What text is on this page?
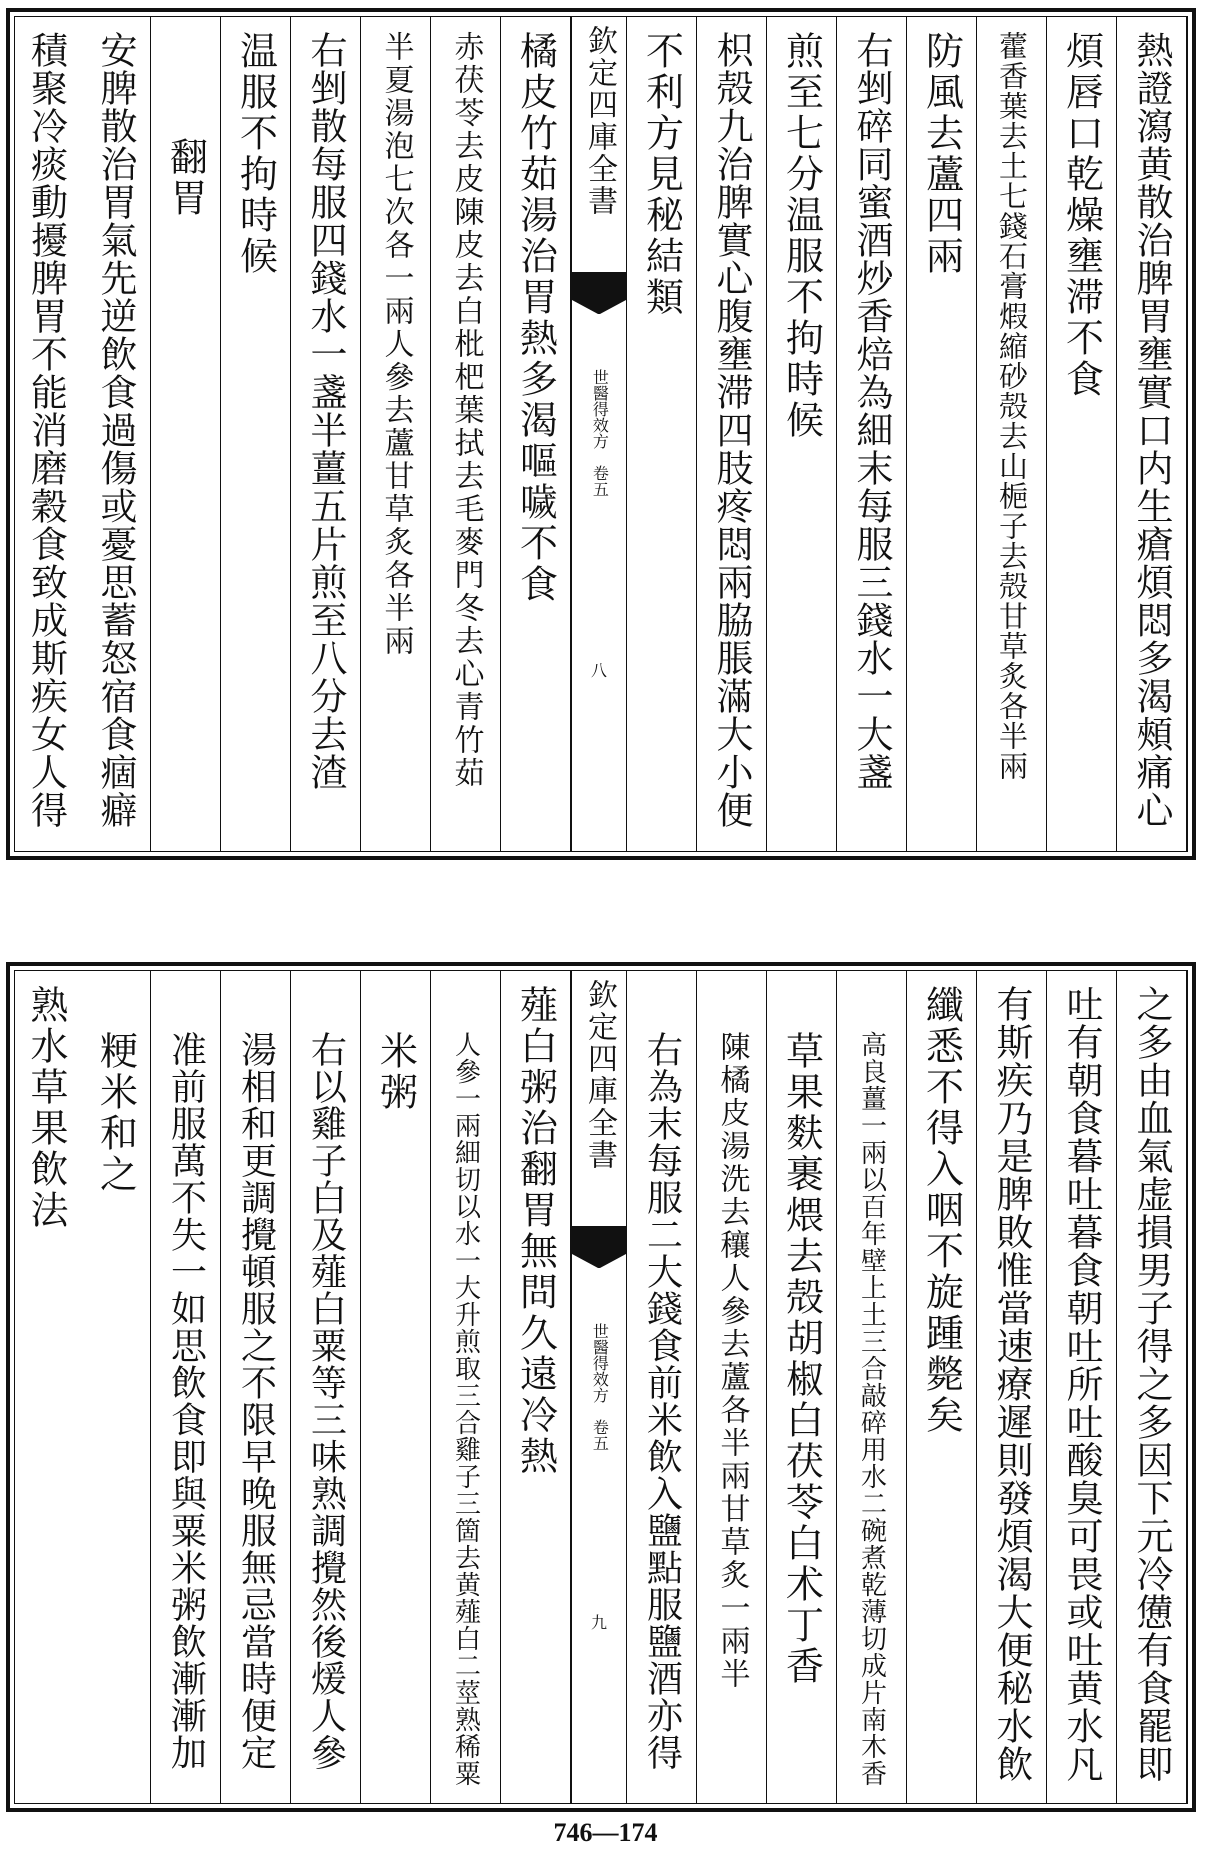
熱證瀉黄散治脾胃壅實口内生瘡煩悶多渴頰痛心
煩唇口乾燥壅滞不食
藿香葉去土七錢石膏煆縮砂殻去山梔子去殻甘草炙各半兩
防風去蘆四兩
右剉碎同蜜酒炒香焙為細末每服三錢水一大盞
煎至七分温服不拘時候
枳殻九治脾實心腹壅滞四肢疼悶兩脇脹滿大小便
不利方見秘結類
欽定四庫全書
世醫得效方　卷五
八
橘皮竹茹湯治胃熱多渴嘔噦不食
赤茯苓去皮陳皮去白枇杷葉拭去毛麥門冬去心青竹茹
半夏湯泡七次各一兩人參去蘆甘草炙各半兩
右剉散每服四錢水一盞半薑五片煎至八分去渣
温服不拘時候
翻胃
安脾散治胃氣先逆飲食過傷或憂思蓄怒宿食痼癖
積聚冷痰動擾脾胃不能消磨穀食致成斯疾女人得
之多由血氣虚損男子得之多因下元冷憊有食罷即
吐有朝食暮吐暮食朝吐所吐酸臭可畏或吐黄水凡
有斯疾乃是脾敗惟當速療遲則發煩渴大便秘水飲
纖悉不得入咽不旋踵斃矣
高良薑一兩以百年壁上土三合敲碎用水二碗煮乾薄切成片南木香
草果麩裹煨去殻胡椒白茯苓白术丁香
陳橘皮湯洗去穰人參去蘆各半兩甘草炙一兩半
右為末每服二大錢食前米飲入鹽點服鹽酒亦得
欽定四庫全書
世醫得效方　卷五
九
薤白粥治翻胃無問久遠冷熱
人參一兩細切以水一大升煎取三合雞子三箇去黄薤白二莖熟稀粟
米粥
右以雞子白及薤白粟等三味熟調攪然後煖人參
湯相和更調攪頓服之不限早晚服無忌當時便定
准前服萬不失一如思飲食即與粟米粥飲漸漸加
粳米和之
熟水草果飲法
746—174
